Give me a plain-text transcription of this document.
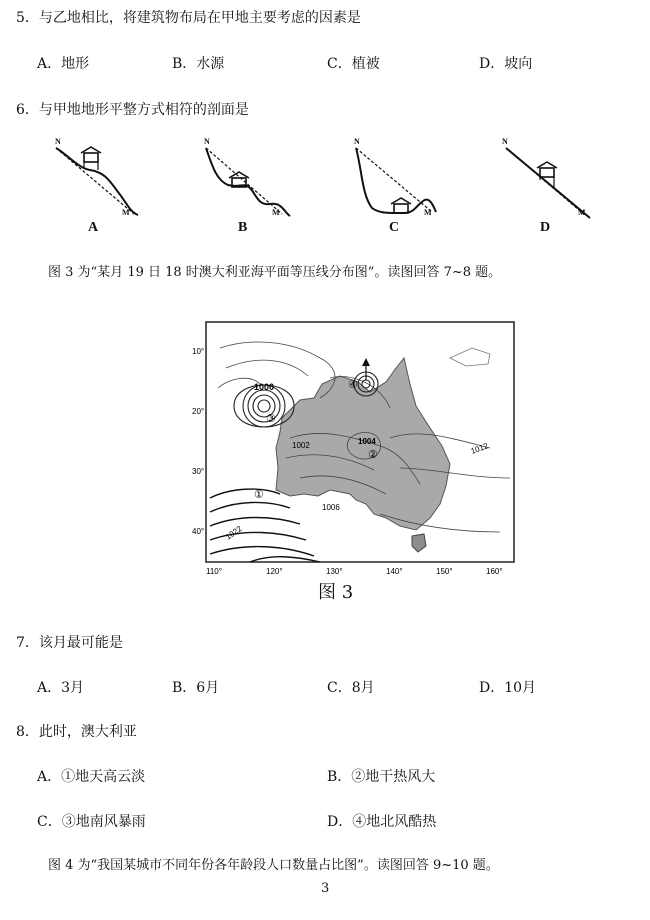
5．与乙地相比，将建筑物布局在甲地主要考虑的因素是
A．地形	B．水源	C．植被	D．坡向
6．与甲地地形平整方式相符的剖面是
N
M
A
N
M
B
N
M
C
N
M
D
图 3 为“某月 19 日 18 时澳大利亚海平面等压线分布图”。读图回答 7~8 题。
10°
20°
30°
40°
110°	120°	130°	140°	150°	160°
1000
1002	1004
1006
1012
1022
①
②
③
④
图 3
7．该月最可能是
A．3月	B．6月	C．8月	D．10月
8．此时，澳大利亚
A．①地天高云淡	B．②地干热风大
C．③地南风暴雨	D．④地北风酷热
图 4 为“我国某城市不同年份各年龄段人口数量占比图”。读图回答 9~10 题。
3
